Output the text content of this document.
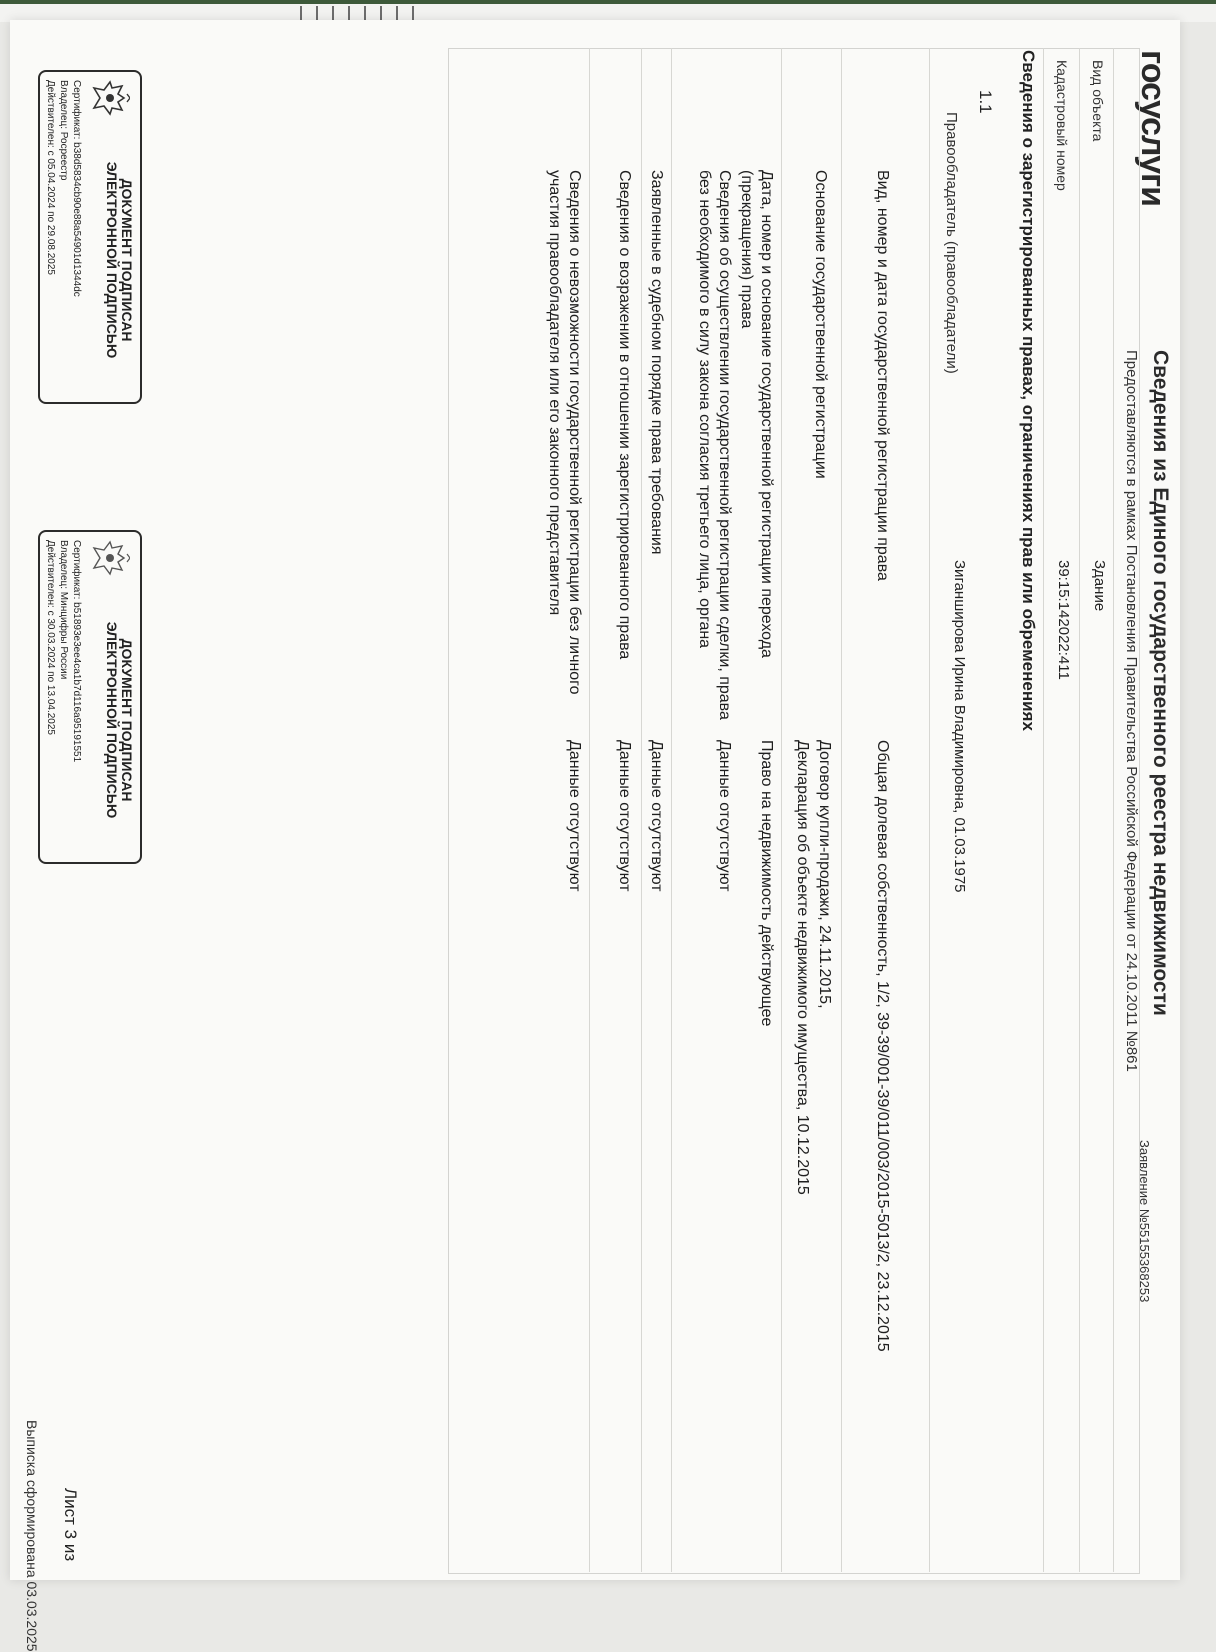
госуслуги
Сведения из Единого государственного реестра недвижимости
Предоставляются в рамках Постановления Правительства Российской Федерации от 24.10.2011 №861
Заявление №55155368253
Вид объекта
Здание
Кадастровый номер
39:15:142022:411
Сведения о зарегистрированных правах, ограничениях прав или обременениях
1.1
Правообладатель (правообладатели)
Зиганширова Ирина Владимировна, 01.03.1975
Вид, номер и дата государственной регистрации права
Общая долевая собственность, 1/2, 39-39/001-39/011/003/2015-5013/2, 23.12.2015
Основание государственной регистрации
Договор купли-продажи, 24.11.2015,
Декларация об объекте недвижимого имущества, 10.12.2015
Дата, номер и основание государственной регистрации перехода (прекращения) права
Право на недвижимость действующее
Сведения об осуществлении государственной регистрации сделки, права без необходимого в силу закона согласия третьего лица, органа
Данные отсутствуют
Заявленные в судебном порядке права требования
Данные отсутствуют
Сведения о возражении в отношении зарегистрированного права
Данные отсутствуют
Сведения о невозможности государственной регистрации без личного участия правообладателя или его законного представителя
Данные отсутствуют
ДОКУМЕНТ ПОДПИСАН ЭЛЕКТРОННОЙ ПОДПИСЬЮ
Сертификат: b38d5834cb90e88a54901d1344dc
Владелец: Росреестр
Действителен: с 05.04.2024 по 29.08.2025
ДОКУМЕНТ ПОДПИСАН ЭЛЕКТРОННОЙ ПОДПИСЬЮ
Сертификат: b51893e3ee4ca1b7d116a95191551
Владелец: Минцифры России
Действителен: с 30.03.2024 по 13.04.2025
Лист 3 из
Выписка сформирована 03.03.2025
